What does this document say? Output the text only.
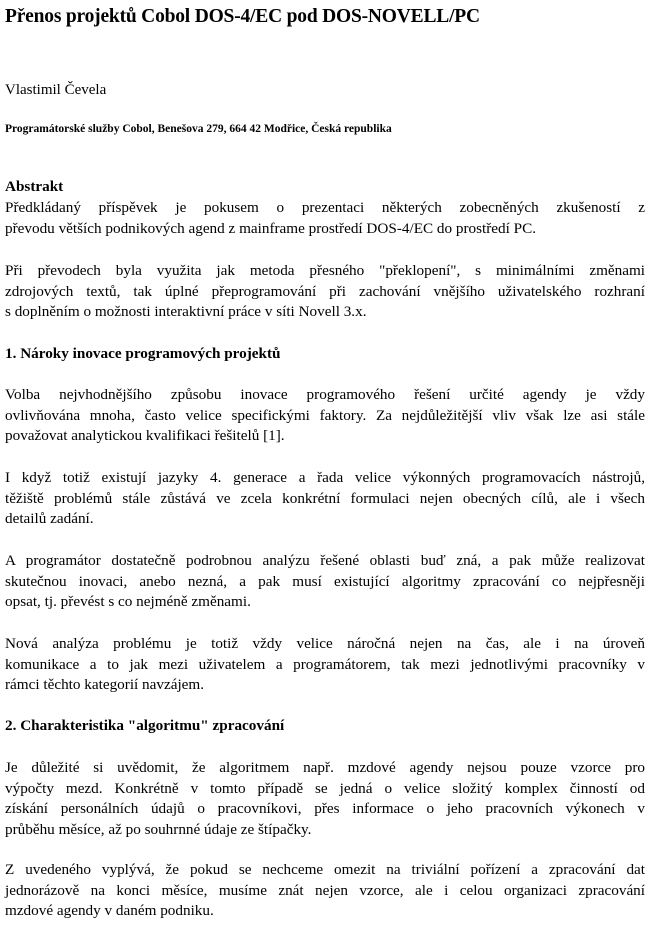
Přenos projektů Cobol DOS-4/EC pod DOS-NOVELL/PC
Vlastimil Čevela
Programátorské služby Cobol, Benešova 279, 664 42 Modřice, Česká republika
Abstrakt
Předkládaný příspěvek je pokusem o prezentaci některých zobecněných zkušeností z
převodu větších podnikových agend z mainframe prostředí DOS-4/EC do prostředí PC.
Při převodech byla využita jak metoda přesného "překlopení", s minimálními změnami
zdrojových textů, tak úplné přeprogramování při zachování vnějšího uživatelského rozhraní
s doplněním o možnosti interaktivní práce v síti Novell 3.x.
1. Nároky inovace programových projektů
Volba nejvhodnějšího způsobu inovace programového řešení určité agendy je vždy
ovlivňována mnoha, často velice specifickými faktory. Za nejdůležitější vliv však lze asi stále
považovat analytickou kvalifikaci řešitelů [1].
I když totiž existují jazyky 4. generace a řada velice výkonných programovacích nástrojů,
těžiště problémů stále zůstává ve zcela konkrétní formulaci nejen obecných cílů, ale i všech
detailů zadání.
A programátor dostatečně podrobnou analýzu řešené oblasti buď zná, a pak může realizovat
skutečnou inovaci, anebo nezná, a pak musí existující algoritmy zpracování co nejpřesněji
opsat, tj. převést s co nejméně změnami.
Nová analýza problému je totiž vždy velice náročná nejen na čas, ale i na úroveň
komunikace a to jak mezi uživatelem a programátorem, tak mezi jednotlivými pracovníky v
rámci těchto kategorií navzájem.
2. Charakteristika "algoritmu" zpracování
Je důležité si uvědomit, že algoritmem např. mzdové agendy nejsou pouze vzorce pro
výpočty mezd. Konkrétně v tomto případě se jedná o velice složitý komplex činností od
získání personálních údajů o pracovníkovi, přes informace o jeho pracovních výkonech v
průběhu měsíce, až po souhrnné údaje ze štípačky.
Z uvedeného vyplývá, že pokud se nechceme omezit na triviální pořízení a zpracování dat
jednorázově na konci měsíce, musíme znát nejen vzorce, ale i celou organizaci zpracování
mzdové agendy v daném podniku.
